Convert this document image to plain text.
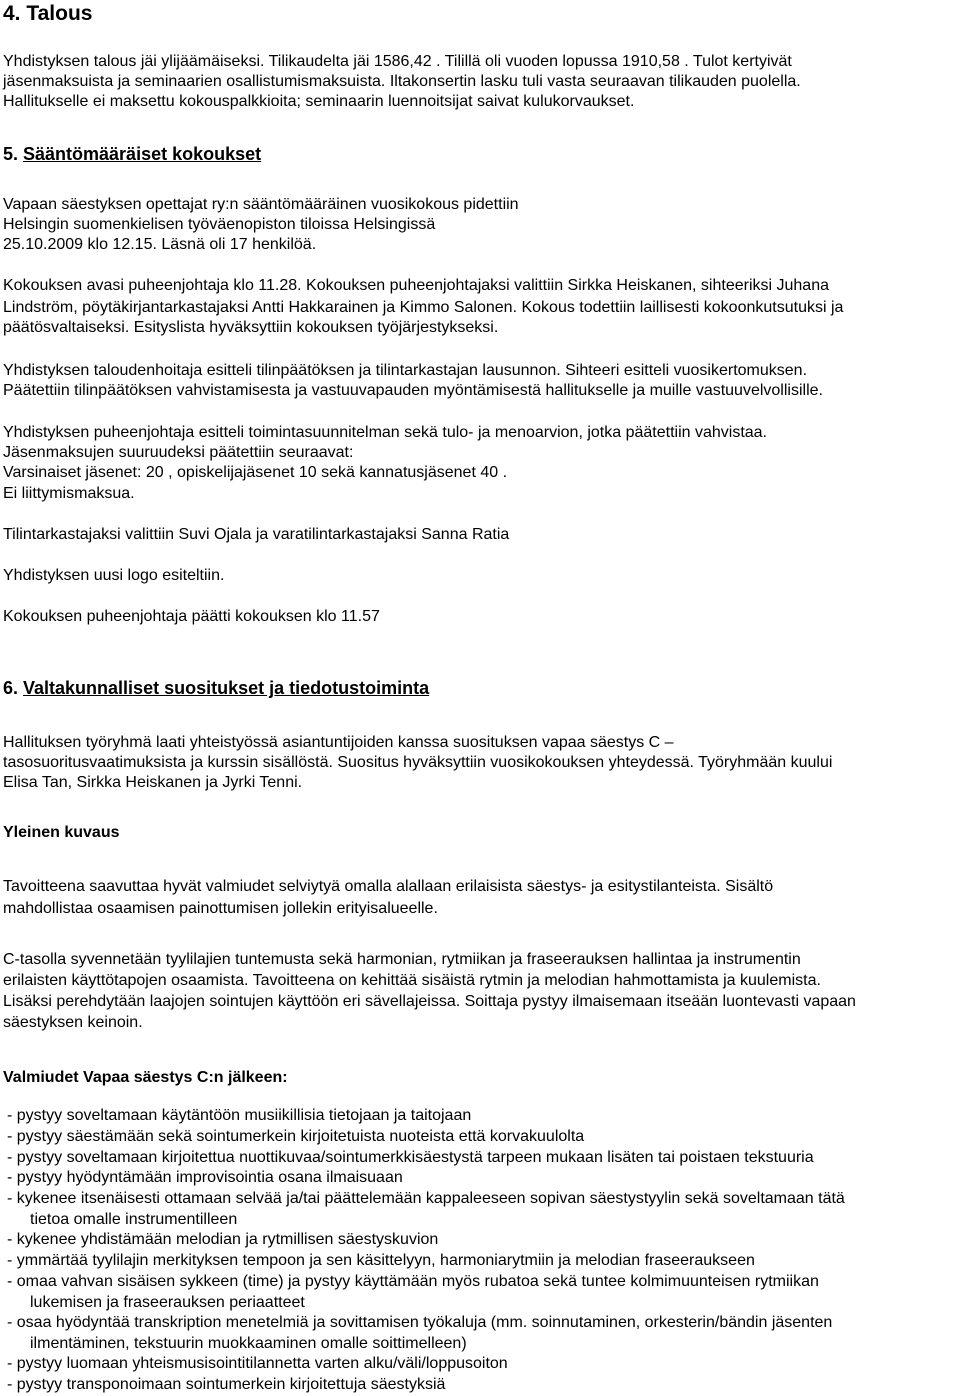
4. Talous
Yhdistyksen talous jäi ylijäämäiseksi. Tilikaudelta jäi 1586,42 . Tilillä oli vuoden lopussa 1910,58 . Tulot kertyivät
jäsenmaksuista ja seminaarien osallistumismaksuista. Iltakonsertin lasku tuli vasta seuraavan tilikauden puolella.
Hallitukselle ei maksettu kokouspalkkioita; seminaarin luennoitsijat saivat kulukorvaukset.
5. Sääntömääräiset kokoukset
Vapaan säestyksen opettajat ry:n sääntömääräinen vuosikokous pidettiin
Helsingin suomenkielisen työväenopiston tiloissa Helsingissä
25.10.2009 klo 12.15. Läsnä oli 17 henkilöä.
Kokouksen avasi puheenjohtaja klo 11.28. Kokouksen puheenjohtajaksi valittiin Sirkka Heiskanen, sihteeriksi Juhana
Lindström, pöytäkirjantarkastajaksi Antti Hakkarainen ja Kimmo Salonen. Kokous todettiin laillisesti kokoonkutsutuksi ja
päätösvaltaiseksi. Esityslista hyväksyttiin kokouksen työjärjestykseksi.
Yhdistyksen taloudenhoitaja esitteli tilinpäätöksen ja tilintarkastajan lausunnon. Sihteeri esitteli vuosikertomuksen.
Päätettiin tilinpäätöksen vahvistamisesta ja vastuuvapauden myöntämisestä hallitukselle ja muille vastuuvelvollisille.
Yhdistyksen puheenjohtaja esitteli toimintasuunnitelman sekä tulo- ja menoarvion, jotka päätettiin vahvistaa.
Jäsenmaksujen suuruudeksi päätettiin seuraavat:
Varsinaiset jäsenet: 20 , opiskelijajäsenet 10 sekä kannatusjäsenet 40 .
Ei liittymismaksua.
Tilintarkastajaksi valittiin Suvi Ojala ja varatilintarkastajaksi Sanna Ratia
Yhdistyksen uusi logo esiteltiin.
Kokouksen puheenjohtaja päätti kokouksen klo 11.57
6. Valtakunnalliset suositukset ja tiedotustoiminta
Hallituksen työryhmä laati yhteistyössä asiantuntijoiden kanssa suosituksen vapaa säestys C –
tasosuoritusvaatimuksista ja kurssin sisällöstä. Suositus hyväksyttiin vuosikokouksen yhteydessä. Työryhmään kuului
Elisa Tan, Sirkka Heiskanen ja Jyrki Tenni.
Yleinen kuvaus
Tavoitteena saavuttaa hyvät valmiudet selviytyä omalla alallaan erilaisista säestys- ja esitystilanteista. Sisältö
mahdollistaa osaamisen painottumisen jollekin erityisalueelle.
C-tasolla syvennetään tyylilajien tuntemusta sekä harmonian, rytmiikan ja fraseerauksen hallintaa ja instrumentin
erilaisten käyttötapojen osaamista. Tavoitteena on kehittää sisäistä rytmin ja melodian hahmottamista ja kuulemista.
Lisäksi perehdytään laajojen sointujen käyttöön eri sävellajeissa. Soittaja pystyy ilmaisemaan itseään luontevasti vapaan
säestyksen keinoin.
Valmiudet Vapaa säestys C:n jälkeen:
- pystyy soveltamaan käytäntöön musiikillisia tietojaan ja taitojaan
- pystyy säestämään sekä sointumerkein kirjoitetuista nuoteista että korvakuulolta
- pystyy soveltamaan kirjoitettua nuottikuvaa/sointumerkkisäestystä tarpeen mukaan lisäten tai poistaen tekstuuria
- pystyy hyödyntämään improvisointia osana ilmaisuaan
- kykenee itsenäisesti ottamaan selvää ja/tai päättelemään kappaleeseen sopivan säestystyylin sekä soveltamaan tätä
tietoa omalle instrumentilleen
- kykenee yhdistämään melodian ja rytmillisen säestyskuvion
- ymmärtää tyylilajin merkityksen tempoon ja sen käsittelyyn, harmoniarytmiin ja melodian fraseeraukseen
- omaa vahvan sisäisen sykkeen (time) ja pystyy käyttämään myös rubatoa sekä tuntee kolmimuunteisen rytmiikan
lukemisen ja fraseerauksen periaatteet
- osaa hyödyntää transkription menetelmiä ja sovittamisen työkaluja (mm. soinnutaminen, orkesterin/bändin jäsenten
ilmentäminen, tekstuurin muokkaaminen omalle soittimelleen)
- pystyy luomaan yhteismusisointitilannetta varten alku/väli/loppusoiton
- pystyy transponoimaan sointumerkein kirjoitettuja säestyksiä
